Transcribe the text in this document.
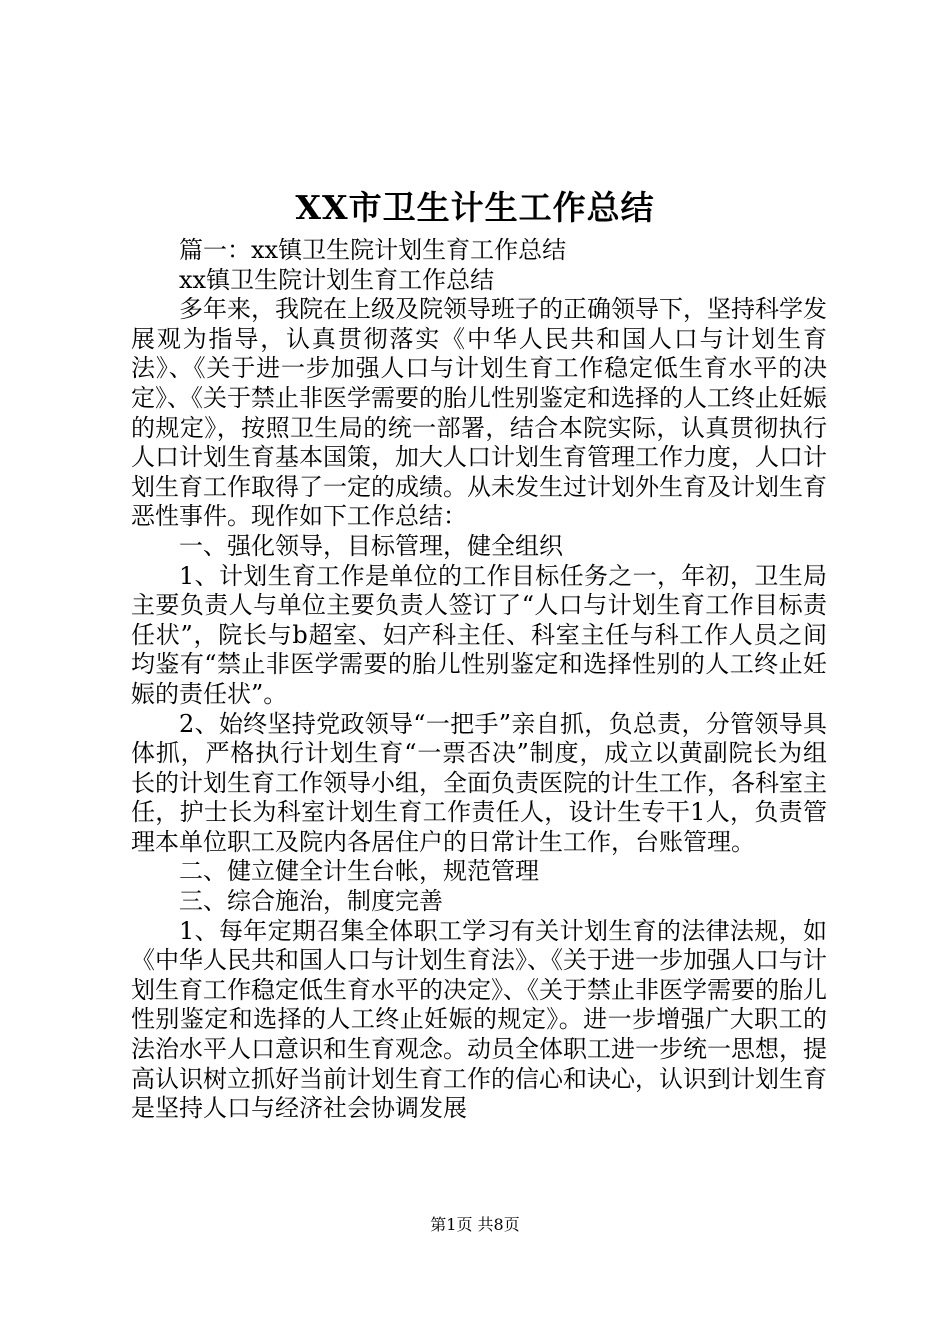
XX市卫生计生工作总结

篇一：xx镇卫生院计划生育工作总结

xx镇卫生院计划生育工作总结

多年来，我院在上级及院领导班子的正确领导下，坚持科学发展观为指导，认真贯彻落实《中华人民共和国人口与计划生育法》、《关于进一步加强人口与计划生育工作稳定低生育水平的决定》、《关于禁止非医学需要的胎儿性别鉴定和选择的人工终止妊娠的规定》，按照卫生局的统一部署，结合本院实际，认真贯彻执行人口计划生育基本国策，加大人口计划生育管理工作力度，人口计划生育工作取得了一定的成绩。从未发生过计划外生育及计划生育恶性事件。现作如下工作总结：

一、强化领导，目标管理，健全组织

1、计划生育工作是单位的工作目标任务之一，年初，卫生局主要负责人与单位主要负责人签订了“人口与计划生育工作目标责任状”，院长与b超室、妇产科主任、科室主任与科工作人员之间均鉴有“禁止非医学需要的胎儿性别鉴定和选择性别的人工终止妊娠的责任状”。

2、始终坚持党政领导“一把手”亲自抓，负总责，分管领导具体抓，严格执行计划生育“一票否决”制度，成立以黄副院长为组长的计划生育工作领导小组，全面负责医院的计生工作，各科室主任，护士长为科室计划生育工作责任人，设计生专干1人，负责管理本单位职工及院内各居住户的日常计生工作，台账管理。

二、健立健全计生台帐，规范管理

三、综合施治，制度完善

1、每年定期召集全体职工学习有关计划生育的法律法规，如《中华人民共和国人口与计划生育法》、《关于进一步加强人口与计划生育工作稳定低生育水平的决定》、《关于禁止非医学需要的胎儿性别鉴定和选择的人工终止妊娠的规定》。进一步增强广大职工的法治水平人口意识和生育观念。动员全体职工进一步统一思想，提高认识树立抓好当前计划生育工作的信心和诀心，认识到计划生育是坚持人口与经济社会协调发展

第1页 共8页
